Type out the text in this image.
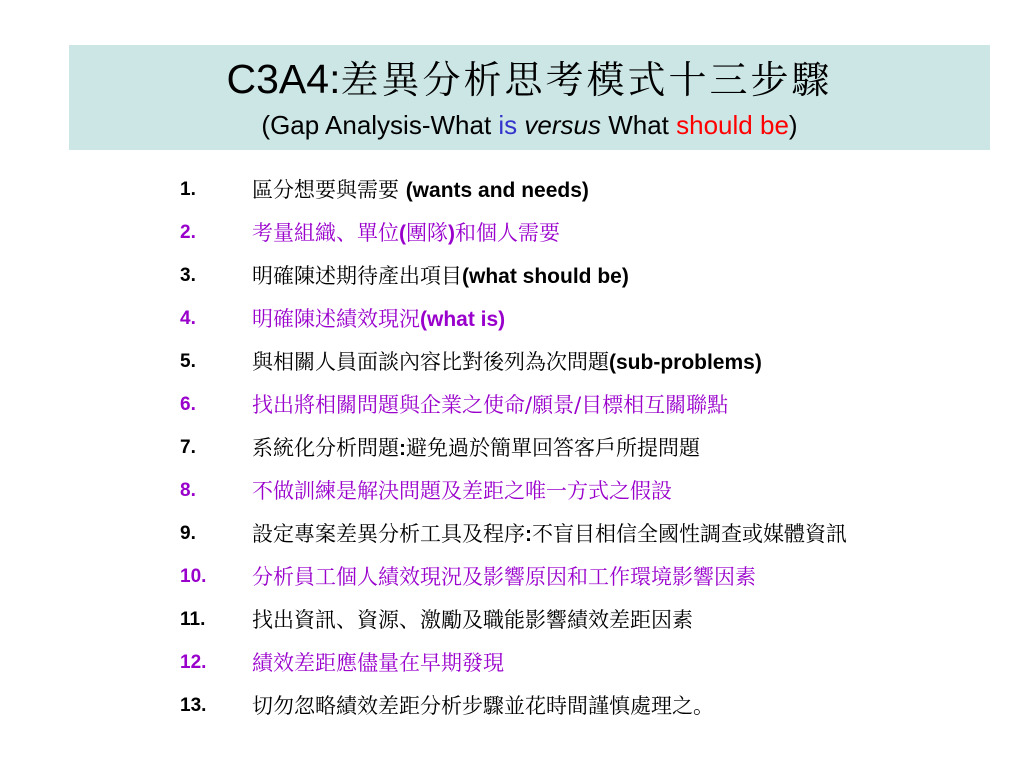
C3A4:差異分析思考模式十三步驟
(Gap Analysis-What is versus What should be)
1.	區分想要與需要 (wants and needs)
2.	考量組織、單位(團隊)和個人需要
3.	明確陳述期待產出項目(what should be)
4.	明確陳述績效現況(what is)
5.	與相關人員面談內容比對後列為次問題(sub-problems)
6.	找出將相關問題與企業之使命/願景/目標相互關聯點
7.	系統化分析問題:避免過於簡單回答客戶所提問題
8.	不做訓練是解決問題及差距之唯一方式之假設
9.	設定專案差異分析工具及程序:不盲目相信全國性調查或媒體資訊
10.	分析員工個人績效現況及影響原因和工作環境影響因素
11.	找出資訊、資源、激勵及職能影響績效差距因素
12.	績效差距應儘量在早期發現
13.	切勿忽略績效差距分析步驟並花時間謹慎處理之。
